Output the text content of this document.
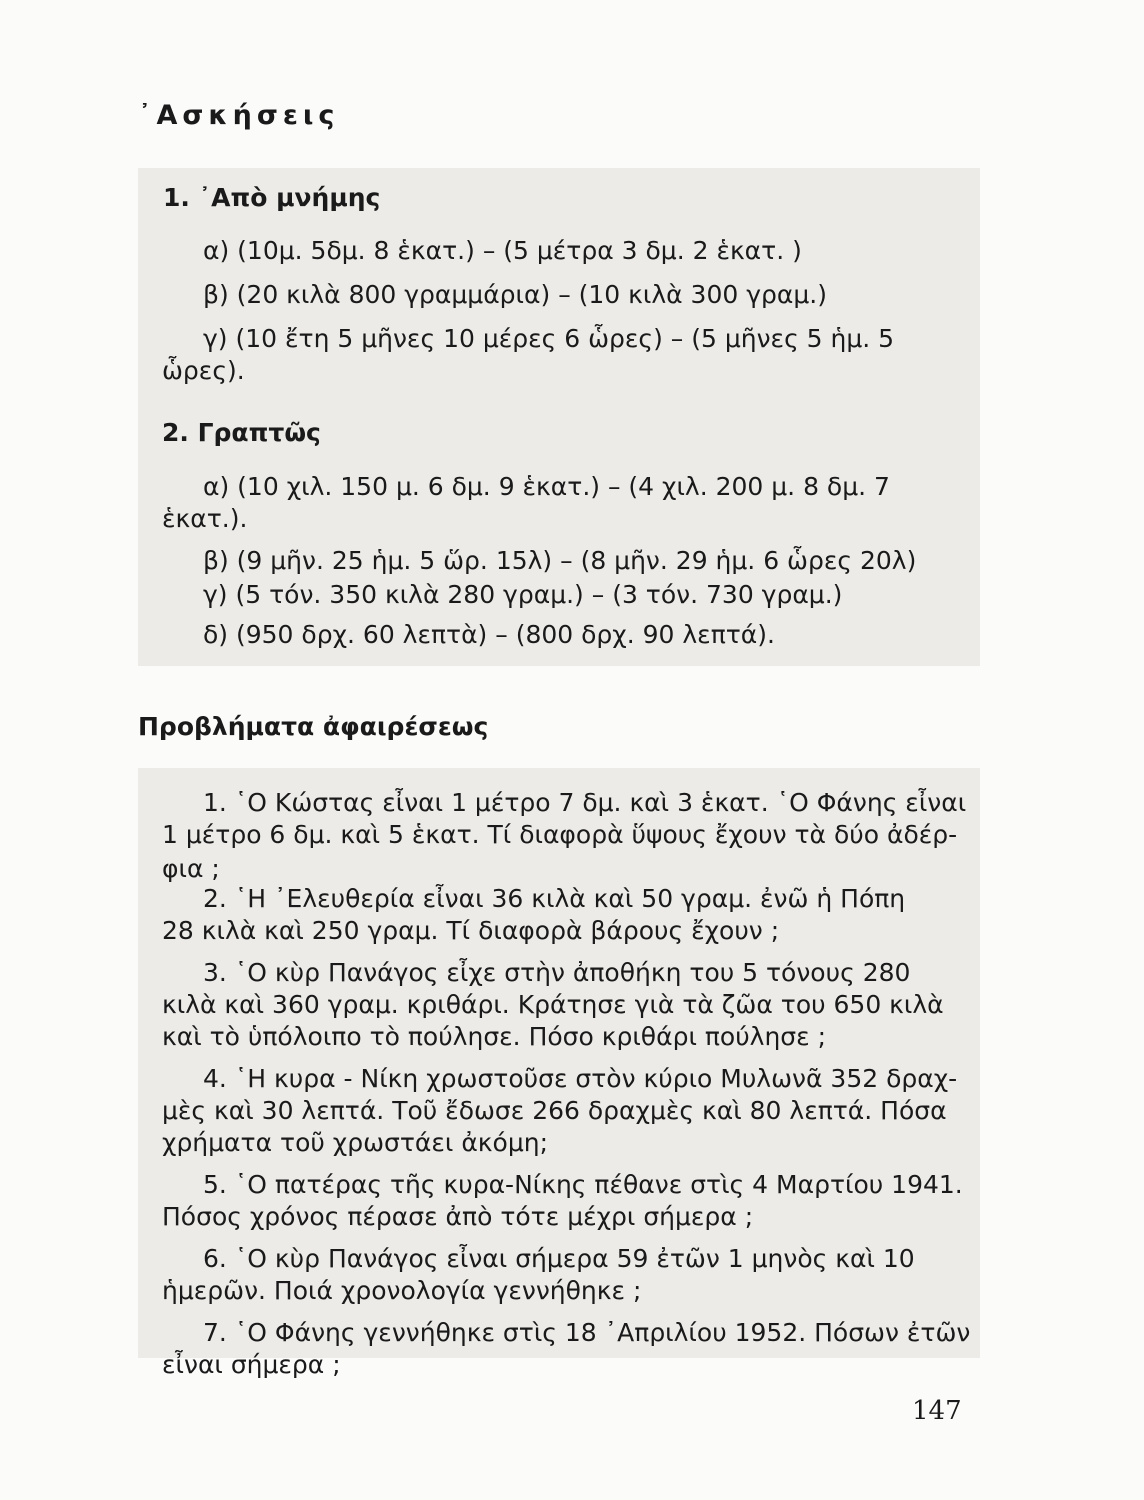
᾿Ασκήσεις
1. ᾿Απὸ μνήμης

α) (10μ. 5δμ. 8 ἑκατ.) – (5 μέτρα 3 δμ. 2 ἑκατ. )

β) (20 κιλὰ 800 γραμμάρια) – (10 κιλὰ 300 γραμ.)

γ) (10 ἔτη 5 μῆνες 10 μέρες 6 ὧρες) – (5 μῆνες 5 ἡμ. 5

ὧρες).

2. Γραπτῶς

α) (10 χιλ. 150 μ. 6 δμ. 9 ἑκατ.) – (4 χιλ. 200 μ. 8 δμ. 7

ἑκατ.).

β) (9 μῆν. 25 ἡμ. 5 ὥρ. 15λ) – (8 μῆν. 29 ἡμ. 6 ὧρες 20λ)

γ) (5 τόν. 350 κιλὰ 280 γραμ.) – (3 τόν. 730 γραμ.)

δ) (950 δρχ. 60 λεπτὰ) – (800 δρχ. 90 λεπτά).

Προβλήματα ἀφαιρέσεως

1. ῾Ο Κώστας εἶναι 1 μέτρο 7 δμ. καὶ 3 ἑκατ. ῾Ο Φάνης εἶναι

1 μέτρο 6 δμ. καὶ 5 ἑκατ. Τί διαφορὰ ὕψους ἔχουν τὰ δύο ἀδέρ-

φια ;

2. ῾Η ᾿Ελευθερία εἶναι 36 κιλὰ καὶ 50 γραμ. ἐνῶ ἡ Πόπη

28 κιλὰ καὶ 250 γραμ. Τί διαφορὰ βάρους ἔχουν ;

3. ῾Ο κὺρ Πανάγος εἶχε στὴν ἀποθήκη του 5 τόνους 280

κιλὰ καὶ 360 γραμ. κριθάρι. Κράτησε γιὰ τὰ ζῶα του 650 κιλὰ

καὶ τὸ ὑπόλοιπο τὸ πούλησε. Πόσο κριθάρι πούλησε ;

4. ῾Η κυρα - Νίκη χρωστοῦσε στὸν κύριο Μυλωνᾶ 352 δραχ-

μὲς καὶ 30 λεπτά. Τοῦ ἔδωσε 266 δραχμὲς καὶ 80 λεπτά. Πόσα

χρήματα τοῦ χρωστάει ἀκόμη;

5. ῾Ο πατέρας τῆς κυρα-Νίκης πέθανε στὶς 4 Μαρτίου 1941.

Πόσος χρόνος πέρασε ἀπὸ τότε μέχρι σήμερα ;

6. ῾Ο κὺρ Πανάγος εἶναι σήμερα 59 ἐτῶν 1 μηνὸς καὶ 10

ἡμερῶν. Ποιά χρονολογία γεννήθηκε ;

7. ῾Ο Φάνης γεννήθηκε στὶς 18 ᾿Απριλίου 1952. Πόσων ἐτῶν

εἶναι σήμερα ;

147
